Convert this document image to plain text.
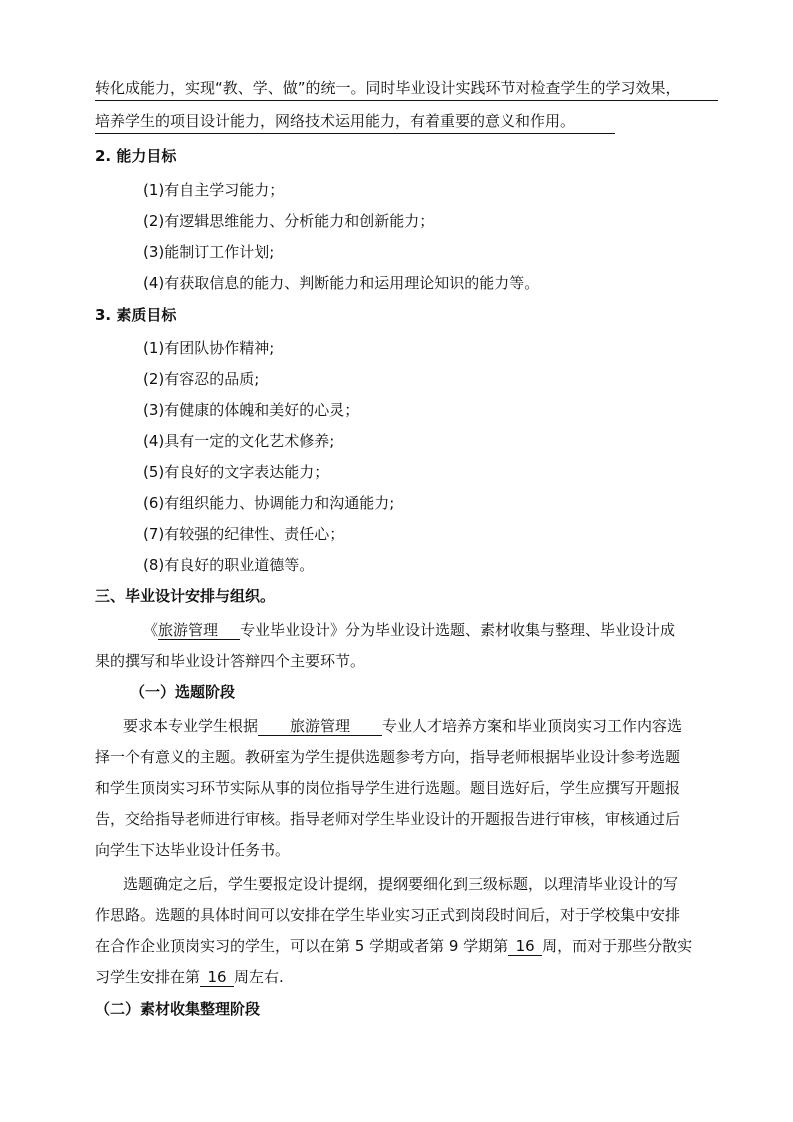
转化成能力，实现“教、学、做”的统一。同时毕业设计实践环节对检查学生的学习效果，
培养学生的项目设计能力，网络技术运用能力，有着重要的意义和作用。
2. 能力目标
(1)有自主学习能力；
(2)有逻辑思维能力、分析能力和创新能力；
(3)能制订工作计划;
(4)有获取信息的能力、判断能力和运用理论知识的能力等。
3. 素质目标
(1)有团队协作精神;
(2)有容忍的品质;
(3)有健康的体魄和美好的心灵；
(4)具有一定的文化艺术修养;
(5)有良好的文字表达能力；
(6)有组织能力、协调能力和沟通能力;
(7)有较强的纪律性、责任心；
(8)有良好的职业道德等。
三、毕业设计安排与组织。
《旅游管理 专业毕业设计》分为毕业设计选题、素材收集与整理、毕业设计成
果的撰写和毕业设计答辩四个主要环节。
（一）选题阶段
要求本专业学生根据 旅游管理 专业人才培养方案和毕业顶岗实习工作内容选
择一个有意义的主题。教研室为学生提供选题参考方向，指导老师根据毕业设计参考选题
和学生顶岗实习环节实际从事的岗位指导学生进行选题。题目选好后，学生应撰写开题报
告，交给指导老师进行审核。指导老师对学生毕业设计的开题报告进行审核，审核通过后
向学生下达毕业设计任务书。
选题确定之后，学生要报定设计提纲，提纲要细化到三级标题，以理清毕业设计的写
作思路。选题的具体时间可以安排在学生毕业实习正式到岗段时间后，对于学校集中安排
在合作企业顶岗实习的学生，可以在第 5 学期或者第 9 学期第 16 周，而对于那些分散实
习学生安排在第 16 周左右.
（二）素材收集整理阶段
